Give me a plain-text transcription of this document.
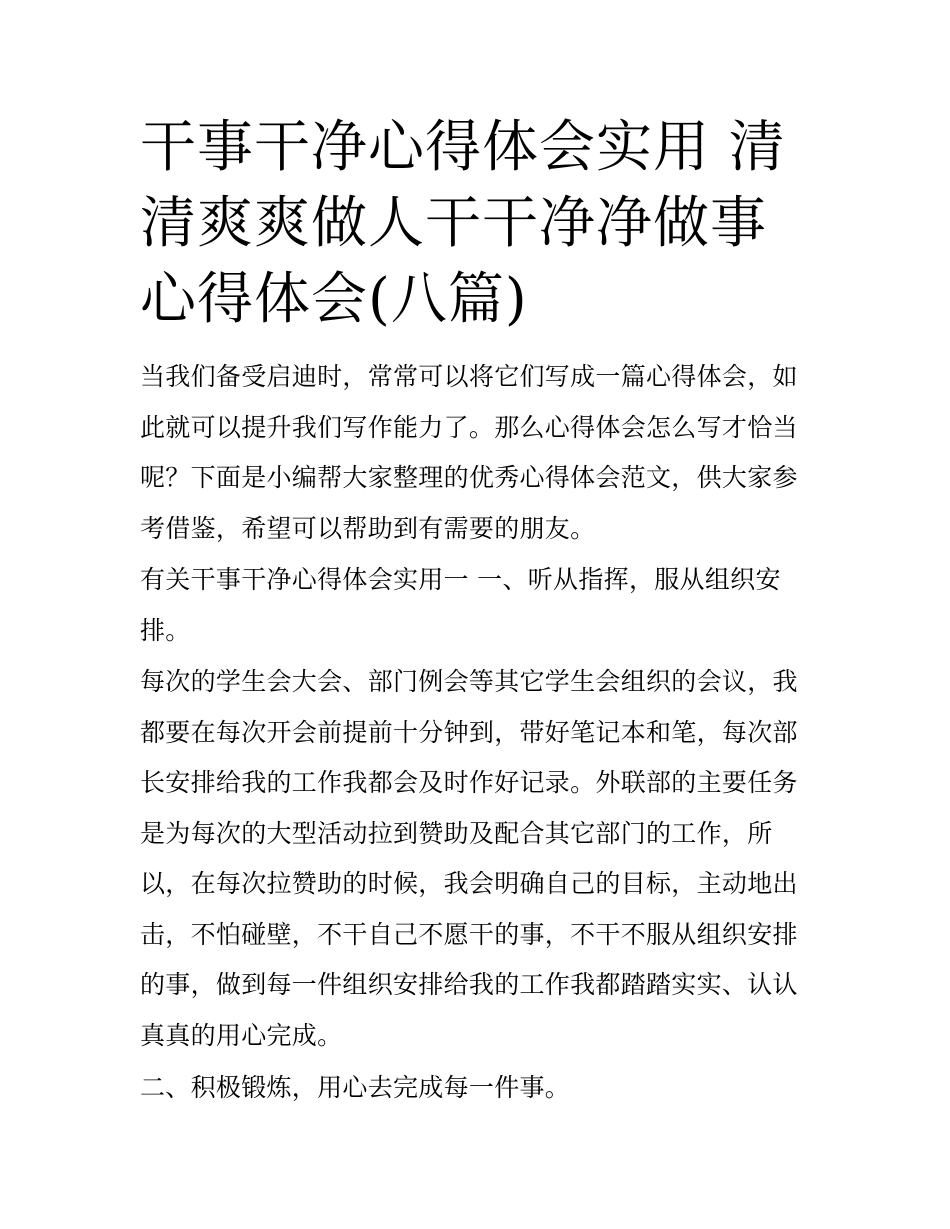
干事干净心得体会实用 清清爽爽做人干干净净做事心得体会(八篇)

当我们备受启迪时，常常可以将它们写成一篇心得体会，如此就可以提升我们写作能力了。那么心得体会怎么写才恰当呢？下面是小编帮大家整理的优秀心得体会范文，供大家参考借鉴，希望可以帮助到有需要的朋友。

有关干事干净心得体会实用一 一、听从指挥，服从组织安排。

每次的学生会大会、部门例会等其它学生会组织的会议，我都要在每次开会前提前十分钟到，带好笔记本和笔，每次部长安排给我的工作我都会及时作好记录。外联部的主要任务是为每次的大型活动拉到赞助及配合其它部门的工作，所以，在每次拉赞助的时候，我会明确自己的目标，主动地出击，不怕碰壁，不干自己不愿干的事，不干不服从组织安排的事，做到每一件组织安排给我的工作我都踏踏实实、认认真真的用心完成。

二、积极锻炼，用心去完成每一件事。
